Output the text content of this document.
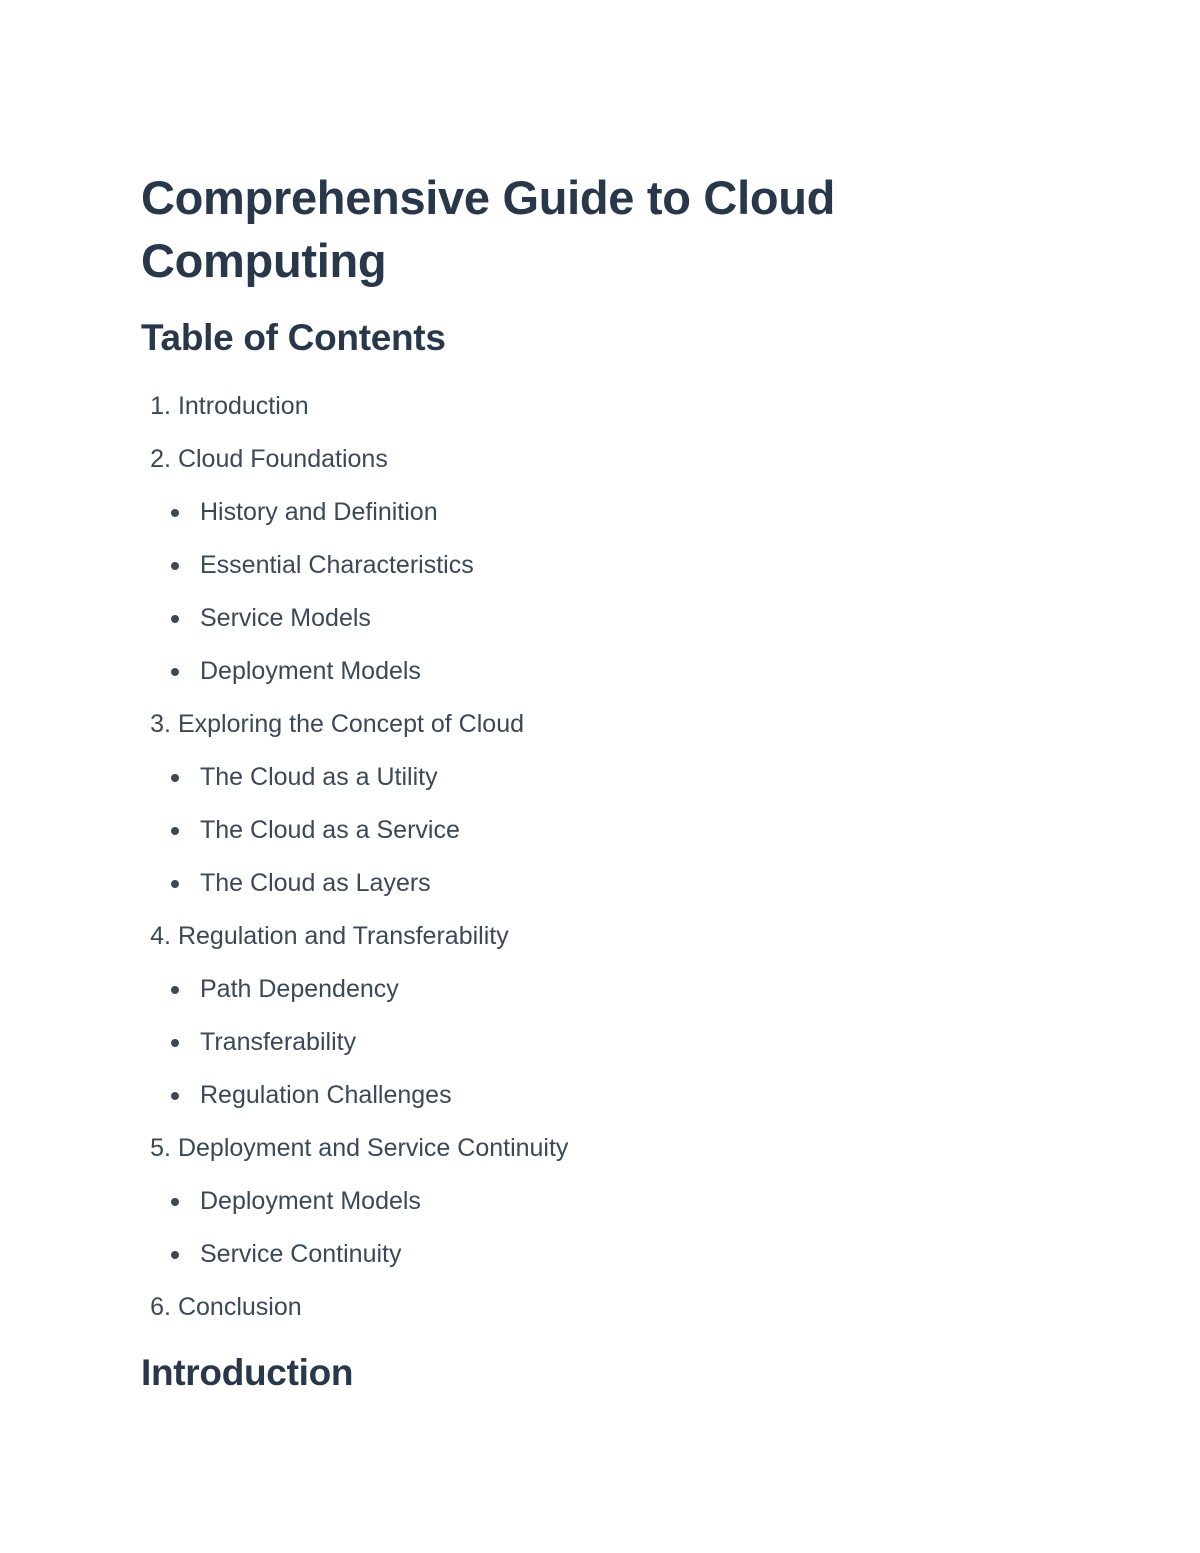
Comprehensive Guide to Cloud Computing
Table of Contents
1.
Introduction
2.
Cloud Foundations
History and Definition
Essential Characteristics
Service Models
Deployment Models
3.
Exploring the Concept of Cloud
The Cloud as a Utility
The Cloud as a Service
The Cloud as Layers
4.
Regulation and Transferability
Path Dependency
Transferability
Regulation Challenges
5.
Deployment and Service Continuity
Deployment Models
Service Continuity
6.
Conclusion
Introduction
